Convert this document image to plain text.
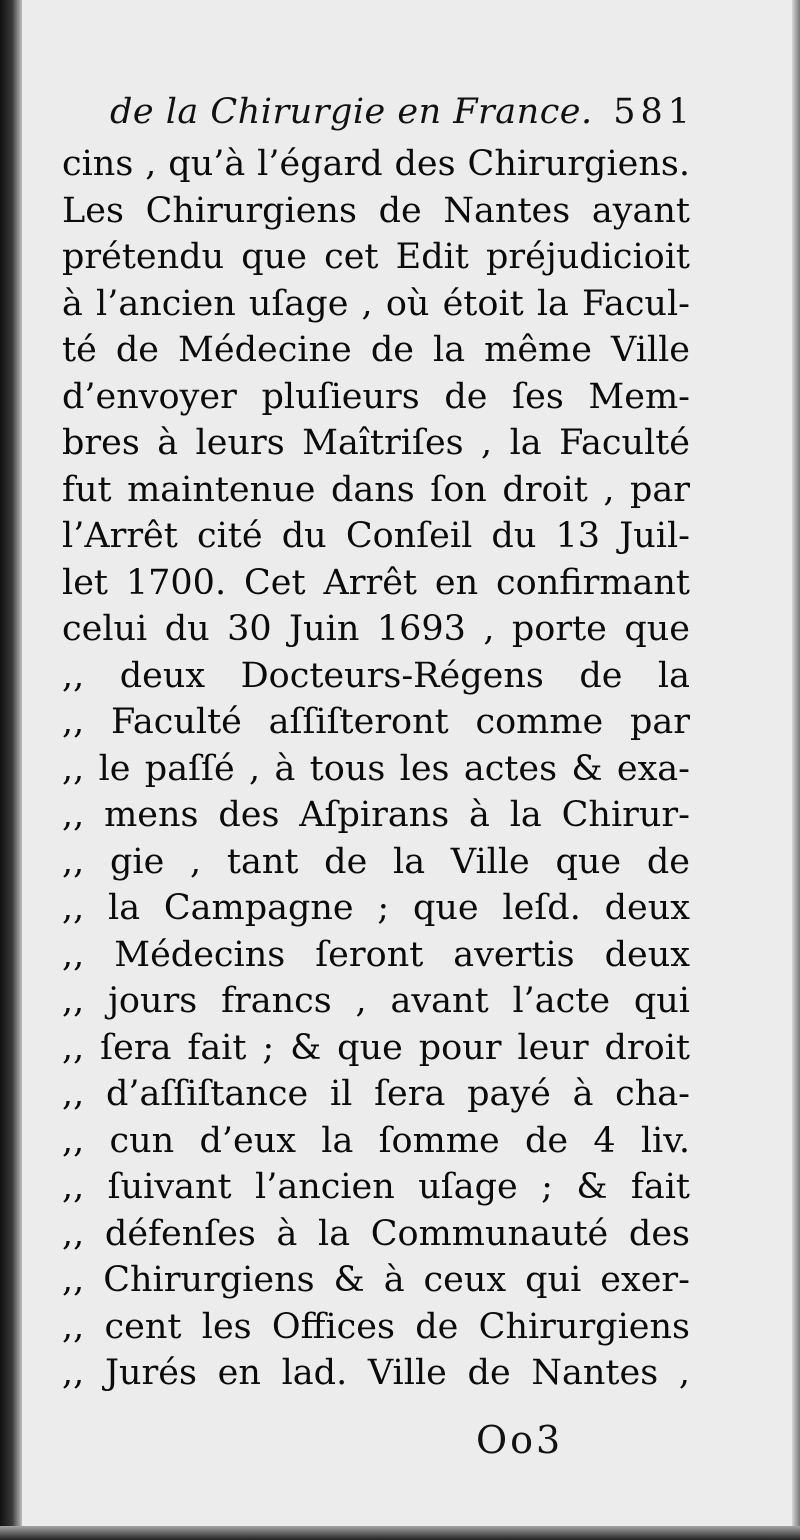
de la Chirurgie en France. 581
cins , qu’à l’égard des Chirurgiens.
Les Chirurgiens de Nantes ayant
prétendu que cet Edit préjudicioit
à l’ancien uſage , où étoit la Facul-
té de Médecine de la même Ville
d’envoyer pluſieurs de ſes Mem-
bres à leurs Maîtriſes , la Faculté
fut maintenue dans ſon droit , par
l’Arrêt cité du Conſeil du 13 Juil-
let 1700. Cet Arrêt en confirmant
celui du 30 Juin 1693 , porte que
,, deux Docteurs-Régens de la
,, Faculté aſſiſteront comme par
,, le paſſé , à tous les actes & exa-
,, mens des Aſpirans à la Chirur-
,, gie , tant de la Ville que de
,, la Campagne ; que leſd. deux
,, Médecins ſeront avertis deux
,, jours francs , avant l’acte qui
,, ſera fait ; & que pour leur droit
,, d’aſſiſtance il ſera payé à cha-
,, cun d’eux la ſomme de 4 liv.
,, ſuivant l’ancien uſage ; & fait
,, défenſes à la Communauté des
,, Chirurgiens & à ceux qui exer-
,, cent les Offices de Chirurgiens
,, Jurés en lad. Ville de Nantes ,
Oo3
